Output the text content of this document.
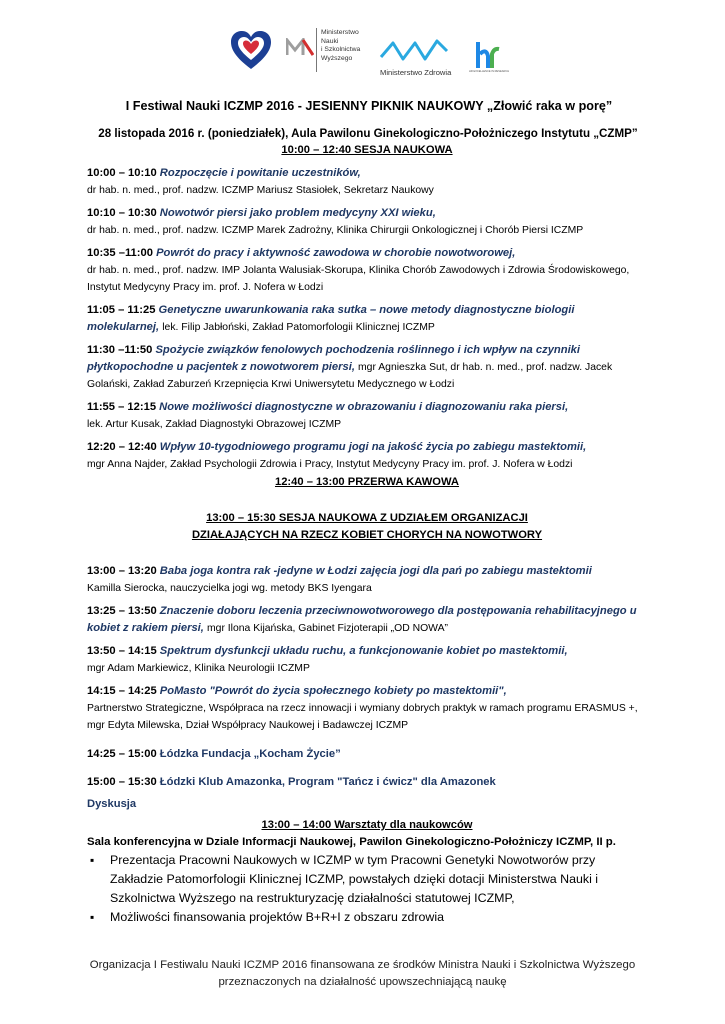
Ministerstwo
Nauki
i Szkolnictwa
Wyższego
Ministerstwo Zdrowia	HR EXCELLENCE IN RESEARCH
I Festiwal Nauki ICZMP 2016 - JESIENNY PIKNIK NAUKOWY „Złowić raka w porę”
28 listopada 2016 r. (poniedziałek), Aula Pawilonu Ginekologiczno-Położniczego Instytutu „CZMP”
10:00 – 12:40 SESJA NAUKOWA
10:00 – 10:10 Rozpoczęcie i powitanie uczestników,
dr hab. n. med., prof. nadzw. ICZMP Mariusz Stasiołek, Sekretarz Naukowy
10:10 – 10:30 Nowotwór piersi jako problem medycyny XXI wieku,
dr hab. n. med., prof. nadzw. ICZMP Marek Zadrożny, Klinika Chirurgii Onkologicznej i Chorób Piersi ICZMP
10:35 –11:00 Powrót do pracy i aktywność zawodowa w chorobie nowotworowej,
dr hab. n. med., prof. nadzw. IMP Jolanta Walusiak-Skorupa, Klinika Chorób Zawodowych i Zdrowia Środowiskowego, Instytut Medycyny Pracy im. prof. J. Nofera w Łodzi
11:05 – 11:25 Genetyczne uwarunkowania raka sutka – nowe metody diagnostyczne biologii molekularnej, lek. Filip Jabłoński, Zakład Patomorfologii Klinicznej ICZMP
11:30 –11:50 Spożycie związków fenolowych pochodzenia roślinnego i ich wpływ na czynniki płytkopochodne u pacjentek z nowotworem piersi, mgr Agnieszka Sut, dr hab. n. med., prof. nadzw. Jacek Golański, Zakład Zaburzeń Krzepnięcia Krwi Uniwersytetu Medycznego w Łodzi
11:55 – 12:15 Nowe możliwości diagnostyczne w obrazowaniu i diagnozowaniu raka piersi,
lek. Artur Kusak, Zakład Diagnostyki Obrazowej ICZMP
12:20 – 12:40 Wpływ 10-tygodniowego programu jogi na jakość życia po zabiegu mastektomii,
mgr Anna Najder, Zakład Psychologii Zdrowia i Pracy, Instytut Medycyny Pracy im. prof. J. Nofera w Łodzi
12:40 – 13:00 PRZERWA KAWOWA
13:00 – 15:30 SESJA NAUKOWA Z UDZIAŁEM ORGANIZACJI
DZIAŁAJĄCYCH NA RZECZ KOBIET CHORYCH NA NOWOTWORY
13:00 – 13:20 Baba joga kontra rak -jedyne w Łodzi zajęcia jogi dla pań po zabiegu mastektomii
Kamilla Sierocka, nauczycielka jogi wg. metody BKS Iyengara
13:25 – 13:50 Znaczenie doboru leczenia przeciwnowotworowego dla postępowania rehabilitacyjnego u kobiet z rakiem piersi, mgr Ilona Kijańska, Gabinet Fizjoterapii „OD NOWA”
13:50 – 14:15 Spektrum dysfunkcji układu ruchu, a funkcjonowanie kobiet po mastektomii,
mgr Adam Markiewicz, Klinika Neurologii ICZMP
14:15 – 14:25 PoMasto "Powrót do życia społecznego kobiety po mastektomii",
Partnerstwo Strategiczne, Współpraca na rzecz innowacji i wymiany dobrych praktyk w ramach programu ERASMUS +, mgr Edyta Milewska, Dział Współpracy Naukowej i Badawczej ICZMP
14:25 – 15:00 Łódzka Fundacja „Kocham Życie”
15:00 – 15:30 Łódzki Klub Amazonka, Program "Tańcz i ćwicz" dla Amazonek
Dyskusja
13:00 – 14:00 Warsztaty dla naukowców
Sala konferencyjna w Dziale Informacji Naukowej, Pawilon Ginekologiczno-Położniczy ICZMP, II p.
▪ Prezentacja Pracowni Naukowych w ICZMP w tym Pracowni Genetyki Nowotworów przy Zakładzie Patomorfologii Klinicznej ICZMP, powstałych dzięki dotacji Ministerstwa Nauki i Szkolnictwa Wyższego na restrukturyzację działalności statutowej ICZMP,
▪ Możliwości finansowania projektów B+R+I z obszaru zdrowia
Organizacja I Festiwalu Nauki ICZMP 2016 finansowana ze środków Ministra Nauki i Szkolnictwa Wyższego przeznaczonych na działalność upowszechniającą naukę
